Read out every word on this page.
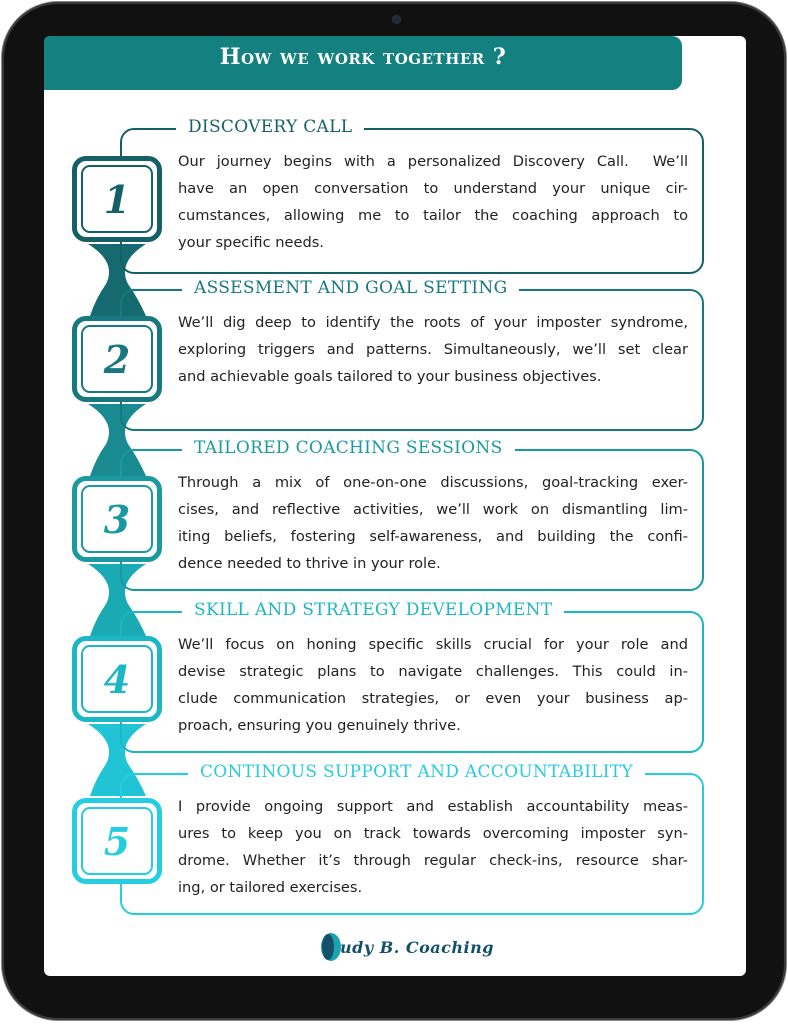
How we work together ?
DISCOVERY CALL
Our journey begins with a personalized Discovery Call.  We’ll
have an open conversation to understand your unique cir-
cumstances, allowing me to tailor the coaching approach to
your specific needs.
1
ASSESMENT AND GOAL SETTING
We’ll dig deep to identify the roots of your imposter syndrome,
exploring triggers and patterns. Simultaneously, we’ll set clear
and achievable goals tailored to your business objectives.
2
TAILORED COACHING SESSIONS
Through a mix of one-on-one discussions, goal-tracking exer-
cises, and reflective activities, we’ll work on dismantling lim-
iting beliefs, fostering self-awareness, and building the confi-
dence needed to thrive in your role.
3
SKILL AND STRATEGY DEVELOPMENT
We’ll focus on honing specific skills crucial for your role and
devise strategic plans to navigate challenges. This could in-
clude communication strategies, or even your business ap-
proach, ensuring you genuinely thrive.
4
CONTINOUS SUPPORT AND ACCOUNTABILITY
I provide ongoing support and establish accountability meas-
ures to keep you on track towards overcoming imposter syn-
drome. Whether it’s through regular check-ins, resource shar-
ing, or tailored exercises.
5
udy B. Coaching
